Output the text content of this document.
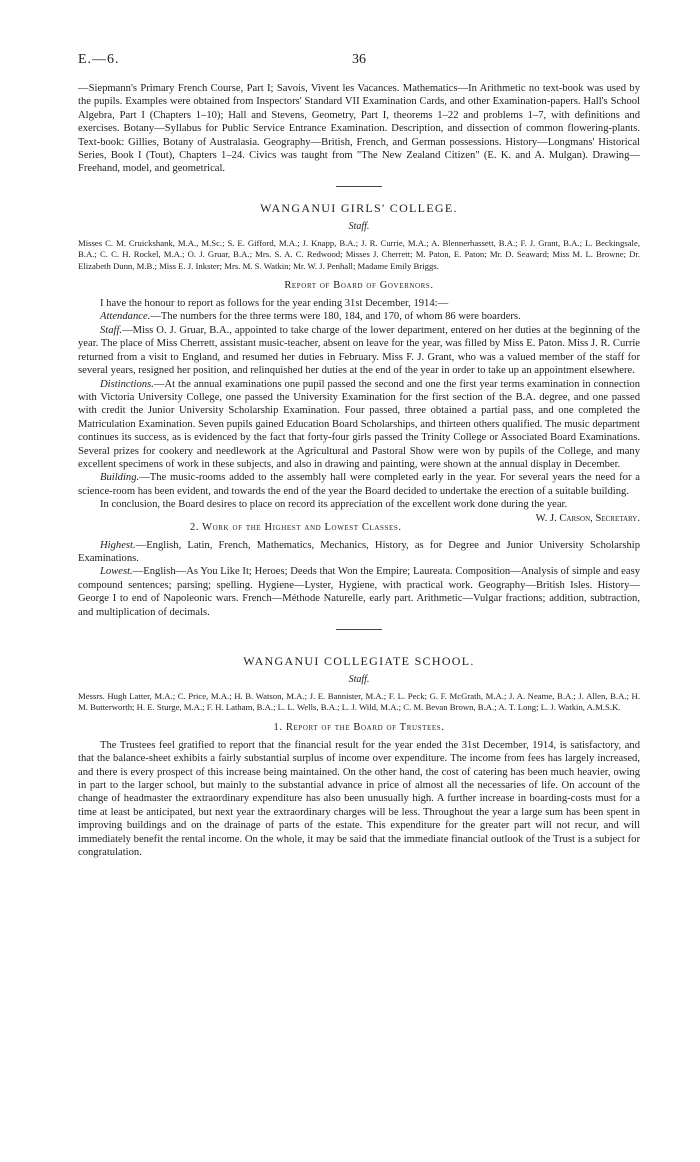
E.—6.	36

—Siepmann's Primary French Course, Part I; Savois, Vivent les Vacances. Mathematics—In Arithmetic no text-book was used by the pupils. Examples were obtained from Inspectors' Standard VII Examination Cards, and other Examination-papers. Hall's School Algebra, Part I (Chapters 1–10); Hall and Stevens, Geometry, Part I, theorems 1–22 and problems 1–7, with definitions and exercises. Botany—Syllabus for Public Service Entrance Examination. Description, and dissection of common flowering-plants. Text-book: Gillies, Botany of Australasia. Geography—British, French, and German possessions. History—Longmans' Historical Series, Book I (Tout), Chapters 1–24. Civics was taught from "The New Zealand Citizen" (E. K. and A. Mulgan). Drawing—Freehand, model, and geometrical.

WANGANUI GIRLS' COLLEGE.
Staff.
Misses C. M. Cruickshank, M.A., M.Sc.; S. E. Gifford, M.A.; J. Knapp, B.A.; J. R. Currie, M.A.; A. Blennerhassett, B.A.; F. J. Grant, B.A.; L. Beckingsale, B.A.; C. C. H. Rockel, M.A.; O. J. Gruar, B.A.; Mrs. S. A. C. Redwood; Misses J. Cherrett; M. Paton, E. Paton; Mr. D. Seaward; Miss M. L. Browne; Dr. Elizabeth Dunn, M.B.; Miss E. J. Inkster; Mrs. M. S. Watkin; Mr. W. J. Penhall; Madame Emily Briggs.
Report of Board of Governors.

I have the honour to report as follows for the year ending 31st December, 1914:—

Attendance.—The numbers for the three terms were 180, 184, and 170, of whom 86 were boarders.

Staff.—Miss O. J. Gruar, B.A., appointed to take charge of the lower department, entered on her duties at the beginning of the year. The place of Miss Cherrett, assistant music-teacher, absent on leave for the year, was filled by Miss E. Paton. Miss J. R. Currie returned from a visit to England, and resumed her duties in February. Miss F. J. Grant, who was a valued member of the staff for several years, resigned her position, and relinquished her duties at the end of the year in order to take up an appointment elsewhere.

Distinctions.—At the annual examinations one pupil passed the second and one the first year terms examination in connection with Victoria University College, one passed the University Examination for the first section of the B.A. degree, and one passed with credit the Junior University Scholarship Examination. Four passed, three obtained a partial pass, and one completed the Matriculation Examination. Seven pupils gained Education Board Scholarships, and thirteen others qualified. The music department continues its success, as is evidenced by the fact that forty-four girls passed the Trinity College or Associated Board Examinations. Several prizes for cookery and needlework at the Agricultural and Pastoral Show were won by pupils of the College, and many excellent specimens of work in these subjects, and also in drawing and painting, were shown at the annual display in December.

Building.—The music-rooms added to the assembly hall were completed early in the year. For several years the need for a science-room has been evident, and towards the end of the year the Board decided to undertake the erection of a suitable building.

In conclusion, the Board desires to place on record its appreciation of the excellent work done during the year.
W. J. Carson, Secretary.

2. Work of the Highest and Lowest Classes.

Highest.—English, Latin, French, Mathematics, Mechanics, History, as for Degree and Junior University Scholarship Examinations.

Lowest.—English—As You Like It; Heroes; Deeds that Won the Empire; Laureata. Composition—Analysis of simple and easy compound sentences; parsing; spelling. Hygiene—Lyster, Hygiene, with practical work. Geography—British Isles. History—George I to end of Napoleonic wars. French—Méthode Naturelle, early part. Arithmetic—Vulgar fractions; addition, subtraction, and multiplication of decimals.

WANGANUI COLLEGIATE SCHOOL.
Staff.
Messrs. Hugh Latter, M.A.; C. Price, M.A.; H. B. Watson, M.A.; J. E. Bannister, M.A.; F. L. Peck; G. F. McGrath, M.A.; J. A. Neame, B.A.; J. Allen, B.A.; H. M. Butterworth; H. E. Sturge, M.A.; F. H. Latham, B.A.; L. L. Wells, B.A.; L. J. Wild, M.A.; C. M. Bevan Brown, B.A.; A. T. Long; L. J. Watkin, A.M.S.K.
1. Report of the Board of Trustees.

The Trustees feel gratified to report that the financial result for the year ended the 31st December, 1914, is satisfactory, and that the balance-sheet exhibits a fairly substantial surplus of income over expenditure. The income from fees has largely increased, and there is every prospect of this increase being maintained. On the other hand, the cost of catering has been much heavier, owing in part to the larger school, but mainly to the substantial advance in price of almost all the necessaries of life. On account of the change of headmaster the extraordinary expenditure has also been unusually high. A further increase in boarding-costs must for a time at least be anticipated, but next year the extraordinary charges will be less. Throughout the year a large sum has been spent in improving buildings and on the drainage of parts of the estate. This expenditure for the greater part will not recur, and will immediately benefit the rental income. On the whole, it may be said that the immediate financial outlook of the Trust is a subject for congratulation.
